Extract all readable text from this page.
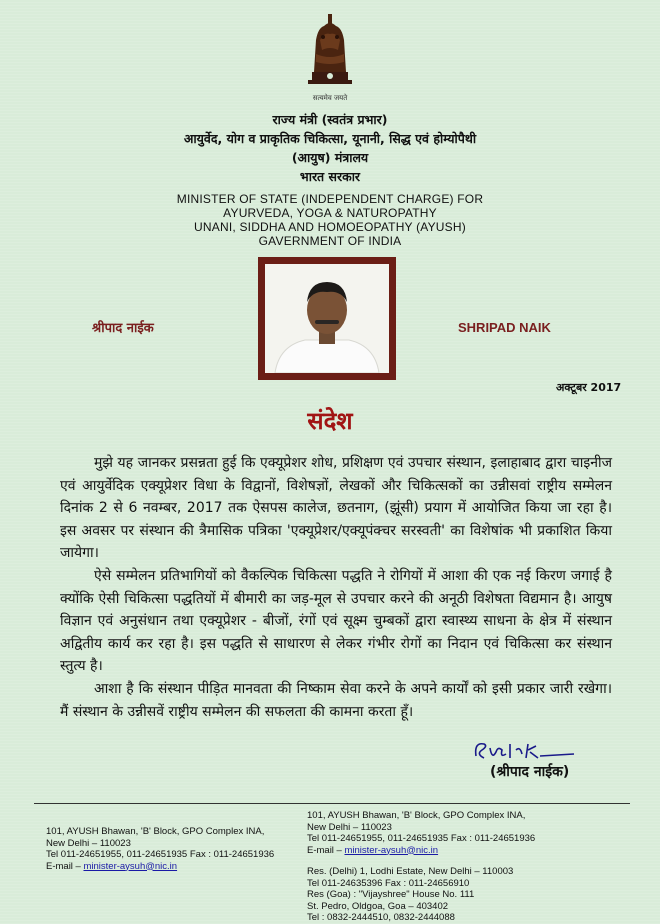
सत्यमेव जयते
राज्य मंत्री (स्वतंत्र प्रभार)
आयुर्वेद, योग व प्राकृतिक चिकित्सा, यूनानी, सिद्ध एवं होम्योपैथी
(आयुष) मंत्रालय
भारत सरकार
MINISTER OF STATE (INDEPENDENT CHARGE) FOR
AYURVEDA, YOGA & NATUROPATHY
UNANI, SIDDHA AND HOMOEOPATHY (AYUSH)
GAVERNMENT OF INDIA
श्रीपाद नाईक	SHRIPAD NAIK
अक्टूबर 2017
संदेश

मुझे यह जानकर प्रसन्नता हुई कि एक्यूप्रेशर शोध, प्रशिक्षण एवं उपचार संस्थान, इलाहाबाद द्वारा चाइनीज एवं आयुर्वेदिक एक्यूप्रेशर विधा के विद्वानों, विशेषज्ञों, लेखकों और चिकित्सकों का उन्नीसवां राष्ट्रीय सम्मेलन दिनांक 2 से 6 नवम्बर, 2017 तक ऐसपस कालेज, छतनाग, (झूंसी) प्रयाग में आयोजित किया जा रहा है। इस अवसर पर संस्थान की त्रैमासिक पत्रिका 'एक्यूप्रेशर/एक्यूपंक्चर सरस्वती' का विशेषांक भी प्रकाशित किया जायेगा।

ऐसे सम्मेलन प्रतिभागियों को वैकल्पिक चिकित्सा पद्धति ने रोगियों में आशा की एक नई किरण जगाई है क्योंकि ऐसी चिकित्सा पद्धतियों में बीमारी का जड़-मूल से उपचार करने की अनूठी विशेषता विद्यमान है। आयुष विज्ञान एवं अनुसंधान तथा एक्यूप्रेशर - बीजों, रंगों एवं सूक्ष्म चुम्बकों द्वारा स्वास्थ्य साधना के क्षेत्र में संस्थान अद्वितीय कार्य कर रहा है। इस पद्धति से साधारण से लेकर गंभीर रोगों का निदान एवं चिकित्सा कर संस्थान स्तुत्य है।

आशा है कि संस्थान पीड़ित मानवता की निष्काम सेवा करने के अपने कार्यों को इसी प्रकार जारी रखेगा। मैं संस्थान के उन्नीसवें राष्ट्रीय सम्मेलन की सफलता की कामना करता हूँ।

Sprik
(श्रीपाद नाईक)
101, AYUSH Bhawan, 'B' Block, GPO Complex INA,
New Delhi – 110023
Tel 011-24651955, 011-24651935 Fax : 011-24651936
E-mail – minister-aysuh@nic.in
101, AYUSH Bhawan, 'B' Block, GPO Complex INA,
New Delhi – 110023
Tel 011-24651955, 011-24651935 Fax : 011-24651936
E-mail – minister-aysuh@nic.in
Res. (Delhi) 1, Lodhi Estate, New Delhi – 110003
Tel 011-24635396 Fax : 011-24656910
Res (Goa) : "Vijayshree" House No. 111
St. Pedro, Oldgoa, Goa – 403402
Tel : 0832-2444510, 0832-2444088
